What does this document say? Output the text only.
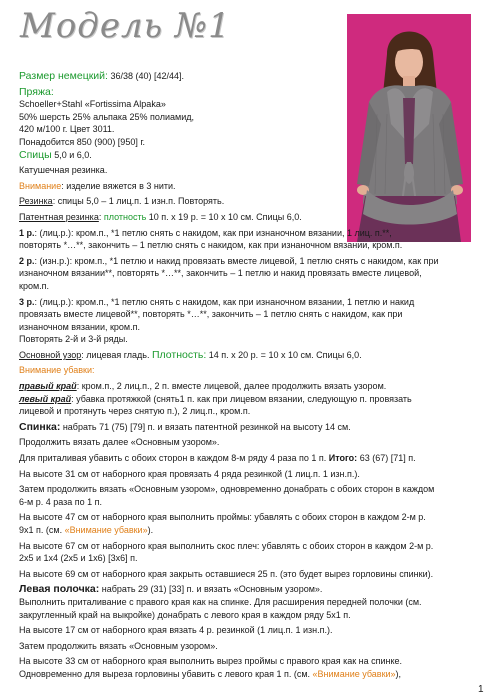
Модель №1

Размер немецкий: 36/38 (40) [42/44].

Пряжа:

Schoeller+Stahl «Fortissima Alpaka»

50% шерсть 25% альпака 25% полиамид,

420 м/100 г. Цвет 3011.

Понадобится 850 (900) [950] г.

Спицы 5,0 и 6,0.

Катушечная резинка.

Внимание: изделие вяжется в 3 нити.

Резинка: спицы 5,0 – 1 лиц.п. 1 изн.п. Повторять.

Патентная резинка: плотность 10 п. x 19 р. = 10 x 10 см. Спицы 6,0.

1 р.: (лиц.р.): кром.п., *1 петлю снять с накидом, как при изнаночном вязании, 1 лиц. п.**,

повторять *…**, закончить – 1 петлю снять с накидом, как при изнаночном вязании, кром.п.

2 р.: (изн.р.): кром.п., *1 петлю и накид провязать вместе лицевой, 1 петлю снять с накидом, как при

изнаночном вязании**, повторять *…**, закончить – 1 петлю и накид провязать вместе лицевой,

кром.п.

3 р.: (лиц.р.): кром.п., *1 петлю снять с накидом, как при изнаночном вязании, 1 петлю и накид

провязать вместе лицевой**, повторять *…**, закончить – 1 петлю снять с накидом, как при

изнаночном вязании, кром.п.

Повторять 2-й и 3-й ряды.

Основной узор: лицевая гладь. Плотность: 14 п. x 20 р. = 10 x 10 см. Спицы 6,0.

Внимание убавки:

правый край: кром.п., 2 лиц.п., 2 п. вместе лицевой, далее продолжить вязать узором.

левый край: убавка протяжкой (снять1 п. как при лицевом вязании, следующую п. провязать

лицевой и протянуть через снятую п.), 2 лиц.п., кром.п.

Спинка: набрать 71 (75) [79] п. и вязать патентной резинкой на высоту 14 см.

Продолжить вязать далее «Основным узором».

Для приталивая убавить с обоих сторон в каждом 8-м ряду 4 раза по 1 п. Итого: 63 (67) [71] п.

На высоте 31 см от наборного края провязать 4 ряда резинкой (1 лиц.п. 1 изн.п.).

Затем продолжить вязать «Основным узором», одновременно донабрать с обоих сторон в каждом

6-м р. 4 раза по 1 п.

На высоте 47 см от наборного края выполнить проймы: убавлять с обоих сторон в каждом 2-м р.

9x1 п. (см. «Внимание убавки»).

На высоте 67 см от наборного края выполнить скос плеч: убавлять с обоих сторон в каждом 2-м р.

2x5 и 1x4 (2x5 и 1x6) [3x6] п.

На высоте 69 см от наборного края закрыть оставшиеся 25 п. (это будет вырез горловины спинки).

Левая полочка: набрать 29 (31) [33] п. и вязать «Основным узором».

Выполнить приталивание с правого края как на спинке. Для расширения передней полочки (см.

закругленный край на выкройке) донабрать с левого края в каждом ряду 5x1 п.

На высоте 17 см от наборного края вязать 4 р. резинкой (1 лиц.п. 1 изн.п.).

Затем продолжить вязать «Основным узором».

На высоте 33 см от наборного края выполнить вырез проймы с правого края как на спинке.

Одновременно для выреза горловины убавить с левого края 1 п. (см. «Внимание убавки»),

1
